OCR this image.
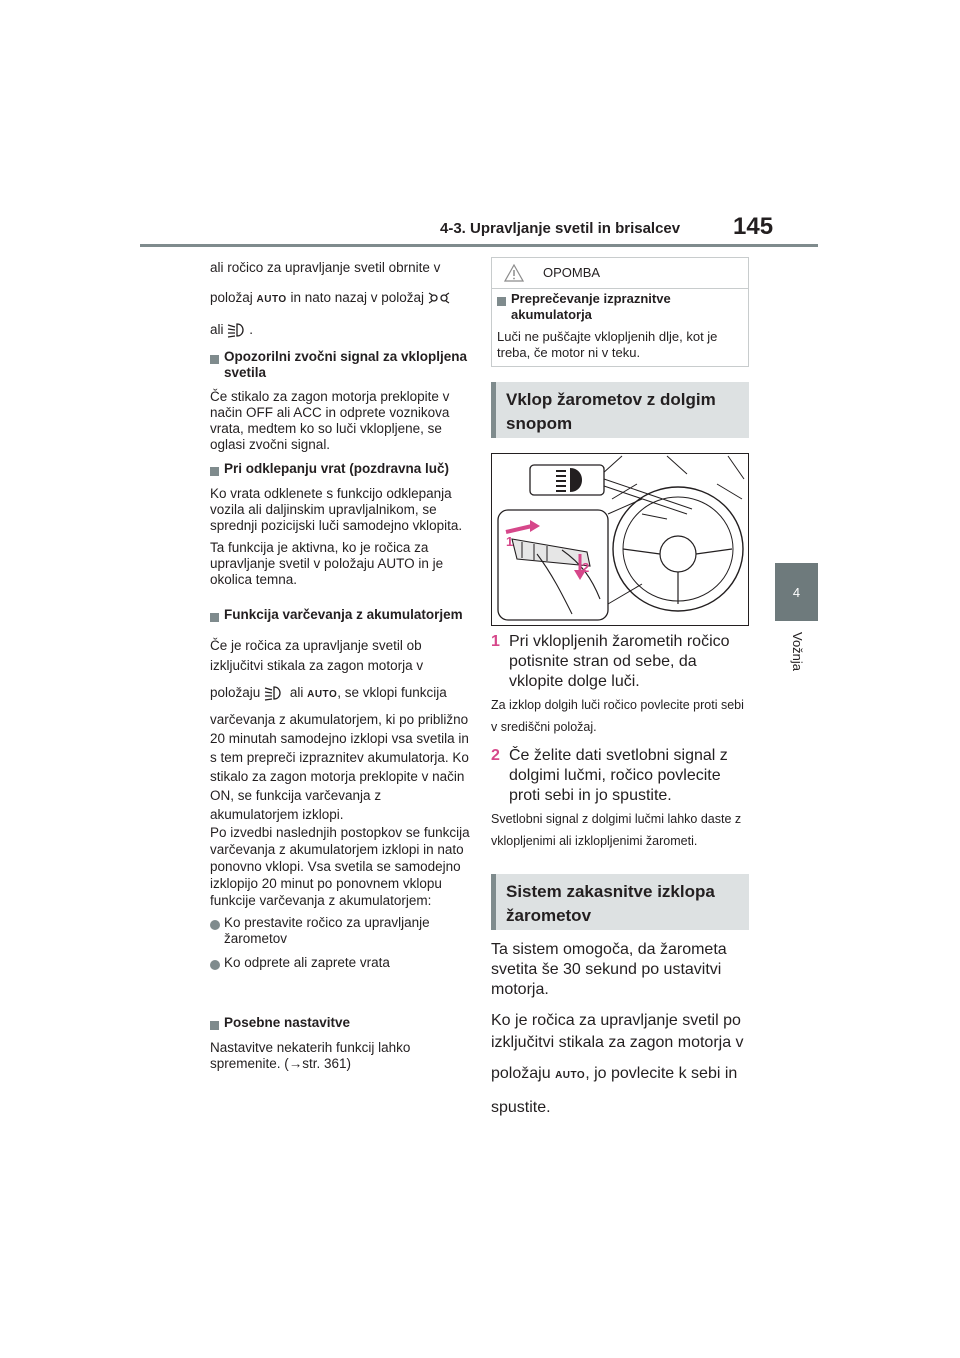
4-3. Upravljanje svetil in brisalcev 145
4
Vožnja

ali ročico za upravljanje svetil obrnite v

položaj AUTO in nato nazaj v položaj

ali .

Opozorilni zvočni signal za vklopljena svetila

Če stikalo za zagon motorja preklopite v način OFF ali ACC in odprete voznikova vrata, medtem ko so luči vklopljene, se oglasi zvočni signal.

Pri odklepanju vrat (pozdravna luč)

Ko vrata odklenete s funkcijo odklepanja vozila ali daljinskim upravljalnikom, se sprednji pozicijski luči samodejno vklopita.

Ta funkcija je aktivna, ko je ročica za upravljanje svetil v položaju AUTO in je okolica temna.

Funkcija varčevanja z akumulatorjem

Če je ročica za upravljanje svetil ob

izključitvi stikala za zagon motorja v

položaju ali AUTO, se vklopi funkcija

varčevanja z akumulatorjem, ki po približno 20 minutah samodejno izklopi vsa svetila in s tem prepreči izpraznitev akumulatorja. Ko stikalo za zagon motorja preklopite v način ON, se funkcija varčevanja z akumulatorjem izklopi.

Po izvedbi naslednjih postopkov se funkcija varčevanja z akumulatorjem izklopi in nato ponovno vklopi. Vsa svetila se samodejno izklopijo 20 minut po ponovnem vklopu funkcije varčevanja z akumulatorjem:

Ko prestavite ročico za upravljanje žarometov
Ko odprete ali zaprete vrata
Posebne nastavitve

Nastavitve nekaterih funkcij lahko spremenite. (→str. 361)

OPOMBA
Preprečevanje izpraznitve akumulatorja

Luči ne puščajte vklopljenih dlje, kot je treba, če motor ni v teku.

Vklop žarometov z dolgim snopom
1
2
1 Pri vklopljenih žarometih ročico potisnite stran od sebe, da vklopite dolge luči.

Za izklop dolgih luči ročico povlecite proti sebi v središčni položaj.

2 Če želite dati svetlobni signal z dolgimi lučmi, ročico povlecite proti sebi in jo spustite.

Svetlobni signal z dolgimi lučmi lahko daste z vklopljenimi ali izklopljenimi žarometi.

Sistem zakasnitve izklopa žarometov

Ta sistem omogoča, da žarometa svetita še 30 sekund po ustavitvi motorja.

Ko je ročica za upravljanje svetil po

izključitvi stikala za zagon motorja v

položaju AUTO, jo povlecite k sebi in

spustite.
